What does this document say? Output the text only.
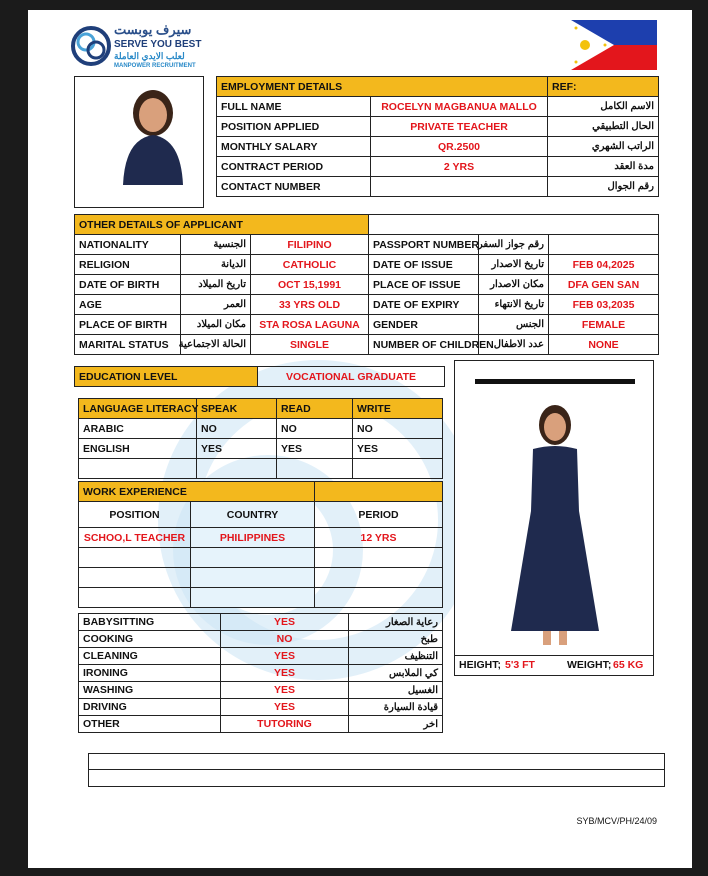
سيرف يوبست
SERVE YOU BEST
لعلب الايدي العاملة
MANPOWER RECRUITMENT
EMPLOYMENT DETAILS		REF:
FULL NAME	ROCELYN MAGBANUA MALLO	الاسم الكامل
POSITION APPLIED	PRIVATE TEACHER	الحال التطبيقي
MONTHLY SALARY	QR.2500	الراتب الشهري
CONTRACT PERIOD	2 YRS	مدة العقد
CONTACT NUMBER		رقم الجوال
OTHER DETAILS OF APPLICANT					
NATIONALITY	الجنسية	FILIPINO	PASSPORT NUMBER	رقم جواز السفر	
RELIGION	الديانة	CATHOLIC	DATE OF ISSUE	تاريخ الاصدار	FEB 04,2025
DATE OF BIRTH	تاريخ الميلاد	OCT 15,1991	PLACE OF ISSUE	مكان الاصدار	DFA GEN SAN
AGE	العمر	33 YRS OLD	DATE OF EXPIRY	تاريخ الانتهاء	FEB 03,2035
PLACE OF BIRTH	مكان الميلاد	STA ROSA LAGUNA	GENDER	الجنس	FEMALE
MARITAL STATUS	الحالة الاجتماعية	SINGLE	NUMBER OF CHILDREN	عدد الاطفال	NONE
EDUCATION LEVEL	VOCATIONAL GRADUATE
HEIGHT; 5'3 FT	WEIGHT; 65 KG
LANGUAGE LITERACY	SPEAK	READ	WRITE
ARABIC	NO	NO	NO
ENGLISH	YES	YES	YES

WORK EXPERIENCE		
POSITION	COUNTRY	PERIOD
SCHOO,L TEACHER	PHILIPPINES	12 YRS

BABYSITTING	YES	رعاية الصغار
COOKING	NO	طبخ
CLEANING	YES	التنظيف
IRONING	YES	كي الملابس
WASHING	YES	الغسيل
DRIVING	YES	قيادة السيارة
OTHER	TUTORING	اخر
SYB/MCV/PH/24/09
